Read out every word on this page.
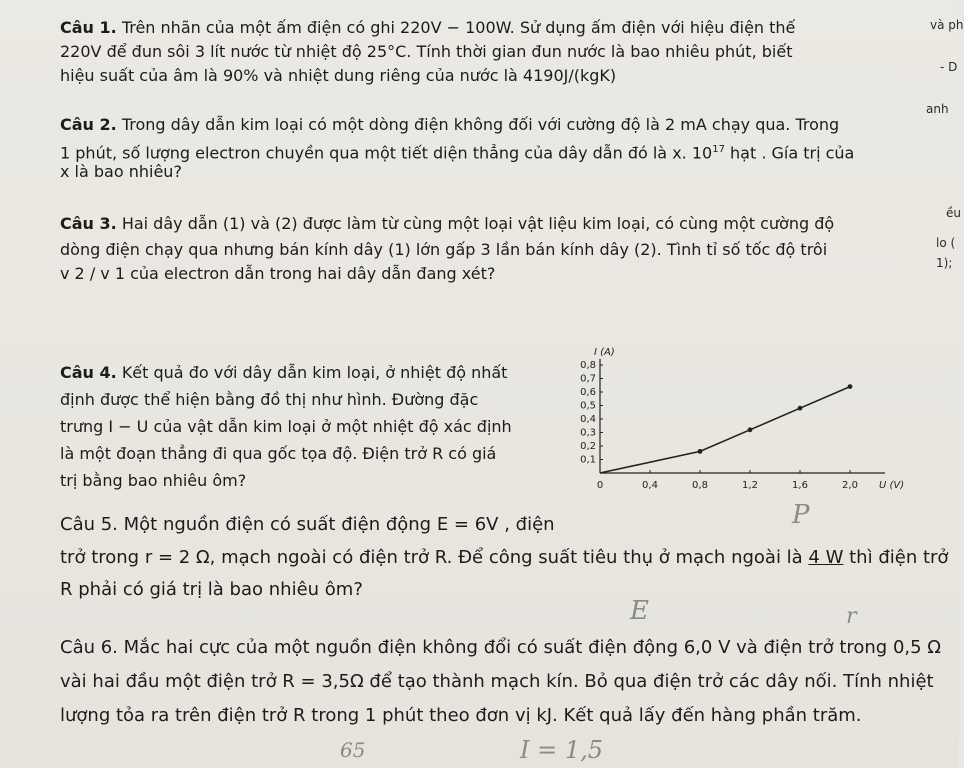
và ph
- D
anh
ều
lo (
1);
Câu 1. Trên nhãn của một ấm điện có ghi 220V − 100W. Sử dụng ấm điện với hiệu điện thế
220V để đun sôi 3 lít nước từ nhiệt độ 25°C. Tính thời gian đun nước là bao nhiêu phút, biết
hiệu suất của âm là 90% và nhiệt dung riêng của nước là 4190J/(kgK)
Câu 2. Trong dây dẫn kim loại có một dòng điện không đối với cường độ là 2 mA chạy qua. Trong
1 phút, số lượng electron chuyền qua một tiết diện thẳng của dây dẫn đó là x. $10^{17}$ hạt . Gía trị của
x là bao nhiêu?
Câu 3. Hai dây dẫn (1) và (2) được làm từ cùng một loại vật liệu kim loại, có cùng một cường độ
dòng điện chạy qua nhưng bán kính dây (1) lớn gấp 3 lần bán kính dây (2). Tình tỉ số tốc độ trôi
v 2 / v 1 của electron dẫn trong hai dây dẫn đang xét?
Câu 4. Kết quả đo với dây dẫn kim loại, ở nhiệt độ nhất
định được thể hiện bằng đồ thị như hình. Đường đặc
trưng I − U của vật dẫn kim loại ở một nhiệt độ xác định
là một đoạn thẳng đi qua gốc tọa độ. Điện trở R có giá
trị bằng bao nhiêu ôm?
I (A)
U (V)
0	0,4	0,8	1,2	1,6	2,0
0,1
0,2
0,3
0,4
0,5
0,6
0,7
0,8
Câu 5. Một nguồn điện có suất điện động E = 6V , điện
trở trong r = 2 Ω, mạch ngoài có điện trở R. Để công suất tiêu thụ ở mạch ngoài là 4 W thì điện trở
R phải có giá trị là bao nhiêu ôm?
Câu 6. Mắc hai cực của một nguồn điện không đổi có suất điện động 6,0 V và điện trở trong 0,5 Ω
vài hai đầu một điện trở R = 3,5Ω để tạo thành mạch kín. Bỏ qua điện trở các dây nối. Tính nhiệt
lượng tỏa ra trên điện trở R trong 1 phút theo đơn vị kJ. Kết quả lấy đến hàng phần trăm.
P
E	r
65	I = 1,5
